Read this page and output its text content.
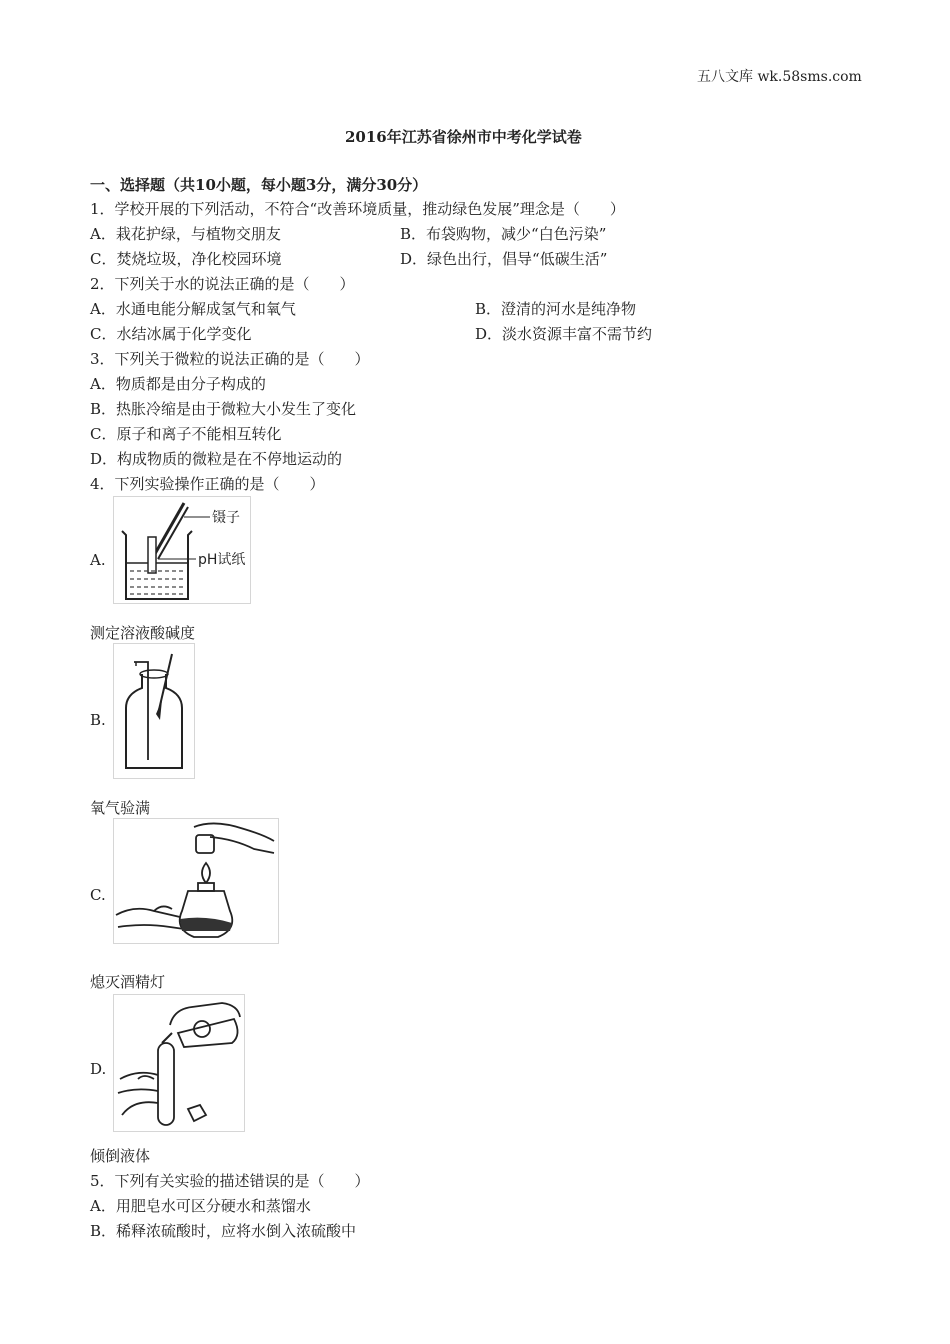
五八文库 wk.58sms.com
2016年江苏省徐州市中考化学试卷
一、选择题（共10小题，每小题3分，满分30分）
1．学校开展的下列活动，不符合“改善环境质量，推动绿色发展”理念是（　　）
A．栽花护绿，与植物交朋友	B．布袋购物，减少“白色污染”
C．焚烧垃圾，净化校园环境	D．绿色出行，倡导“低碳生活”
2．下列关于水的说法正确的是（　　）
A．水通电能分解成氢气和氧气	B．澄清的河水是纯净物
C．水结冰属于化学变化	D．淡水资源丰富不需节约
3．下列关于微粒的说法正确的是（　　）
A．物质都是由分子构成的
B．热胀冷缩是由于微粒大小发生了变化
C．原子和离子不能相互转化
D．构成物质的微粒是在不停地运动的
4．下列实验操作正确的是（　　）
A.
镊子
pH试纸
测定溶液酸碱度
B.
氧气验满
C.
熄灭酒精灯
D.
倾倒液体
5．下列有关实验的描述错误的是（　　）
A．用肥皂水可区分硬水和蒸馏水
B．稀释浓硫酸时，应将水倒入浓硫酸中
